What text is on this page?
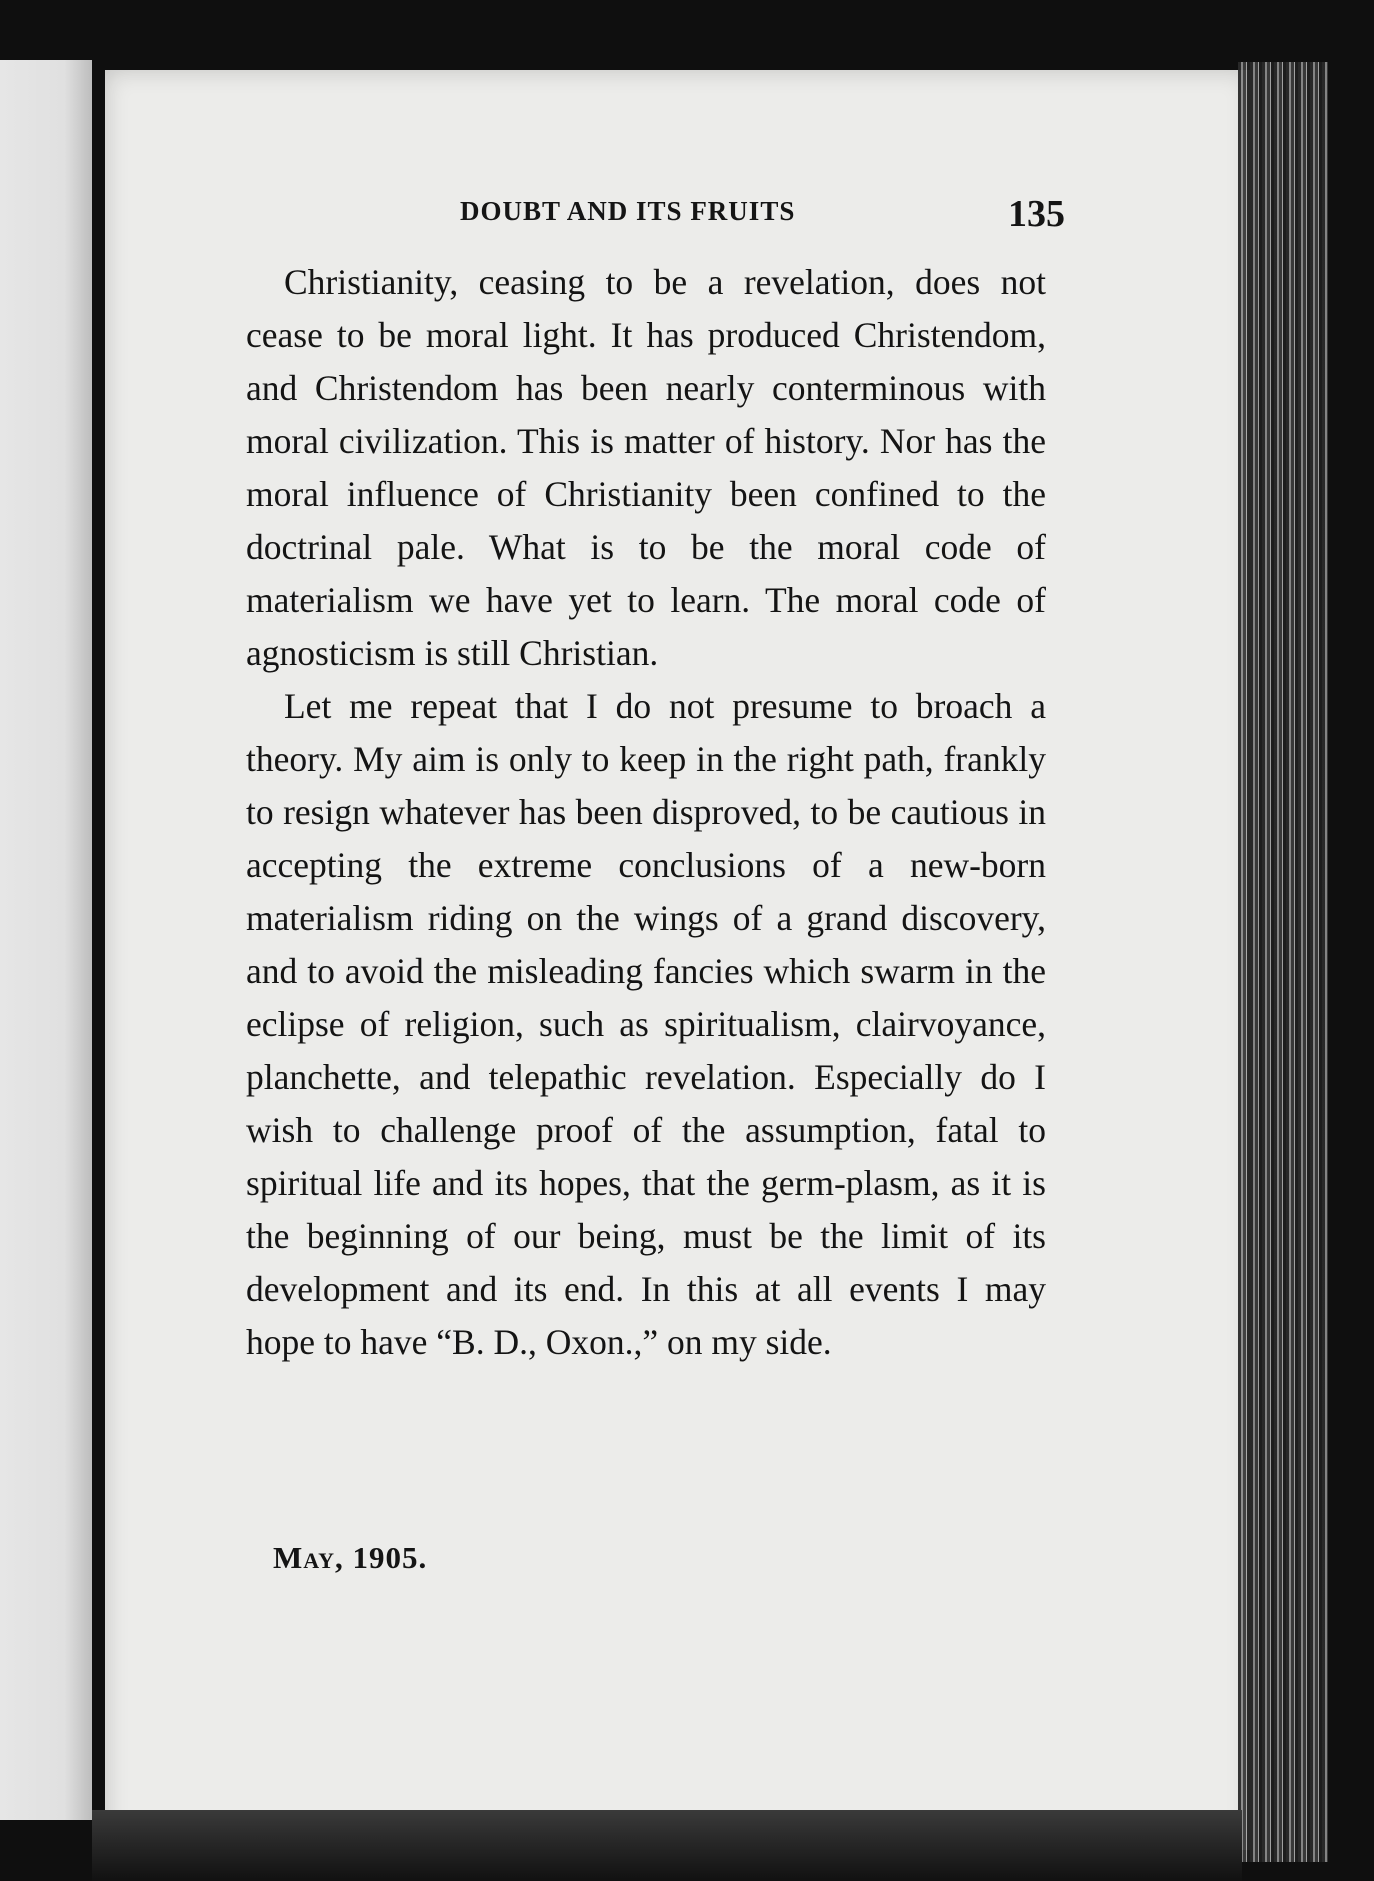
DOUBT AND ITS FRUITS	135

Christianity, ceasing to be a revelation, does not cease to be moral light. It has produced Christendom, and Christendom has been nearly conterminous with moral civilization. This is matter of history. Nor has the moral influence of Christianity been confined to the doctrinal pale. What is to be the moral code of materialism we have yet to learn. The moral code of agnosticism is still Christian.

Let me repeat that I do not presume to broach a theory. My aim is only to keep in the right path, frankly to resign whatever has been disproved, to be cautious in accepting the extreme conclusions of a new-born materialism riding on the wings of a grand discovery, and to avoid the misleading fancies which swarm in the eclipse of religion, such as spiritualism, clairvoyance, planchette, and telepathic revelation. Especially do I wish to challenge proof of the assumption, fatal to spiritual life and its hopes, that the germ-plasm, as it is the beginning of our being, must be the limit of its development and its end. In this at all events I may hope to have “B. D., Oxon.,” on my side.

May, 1905.
